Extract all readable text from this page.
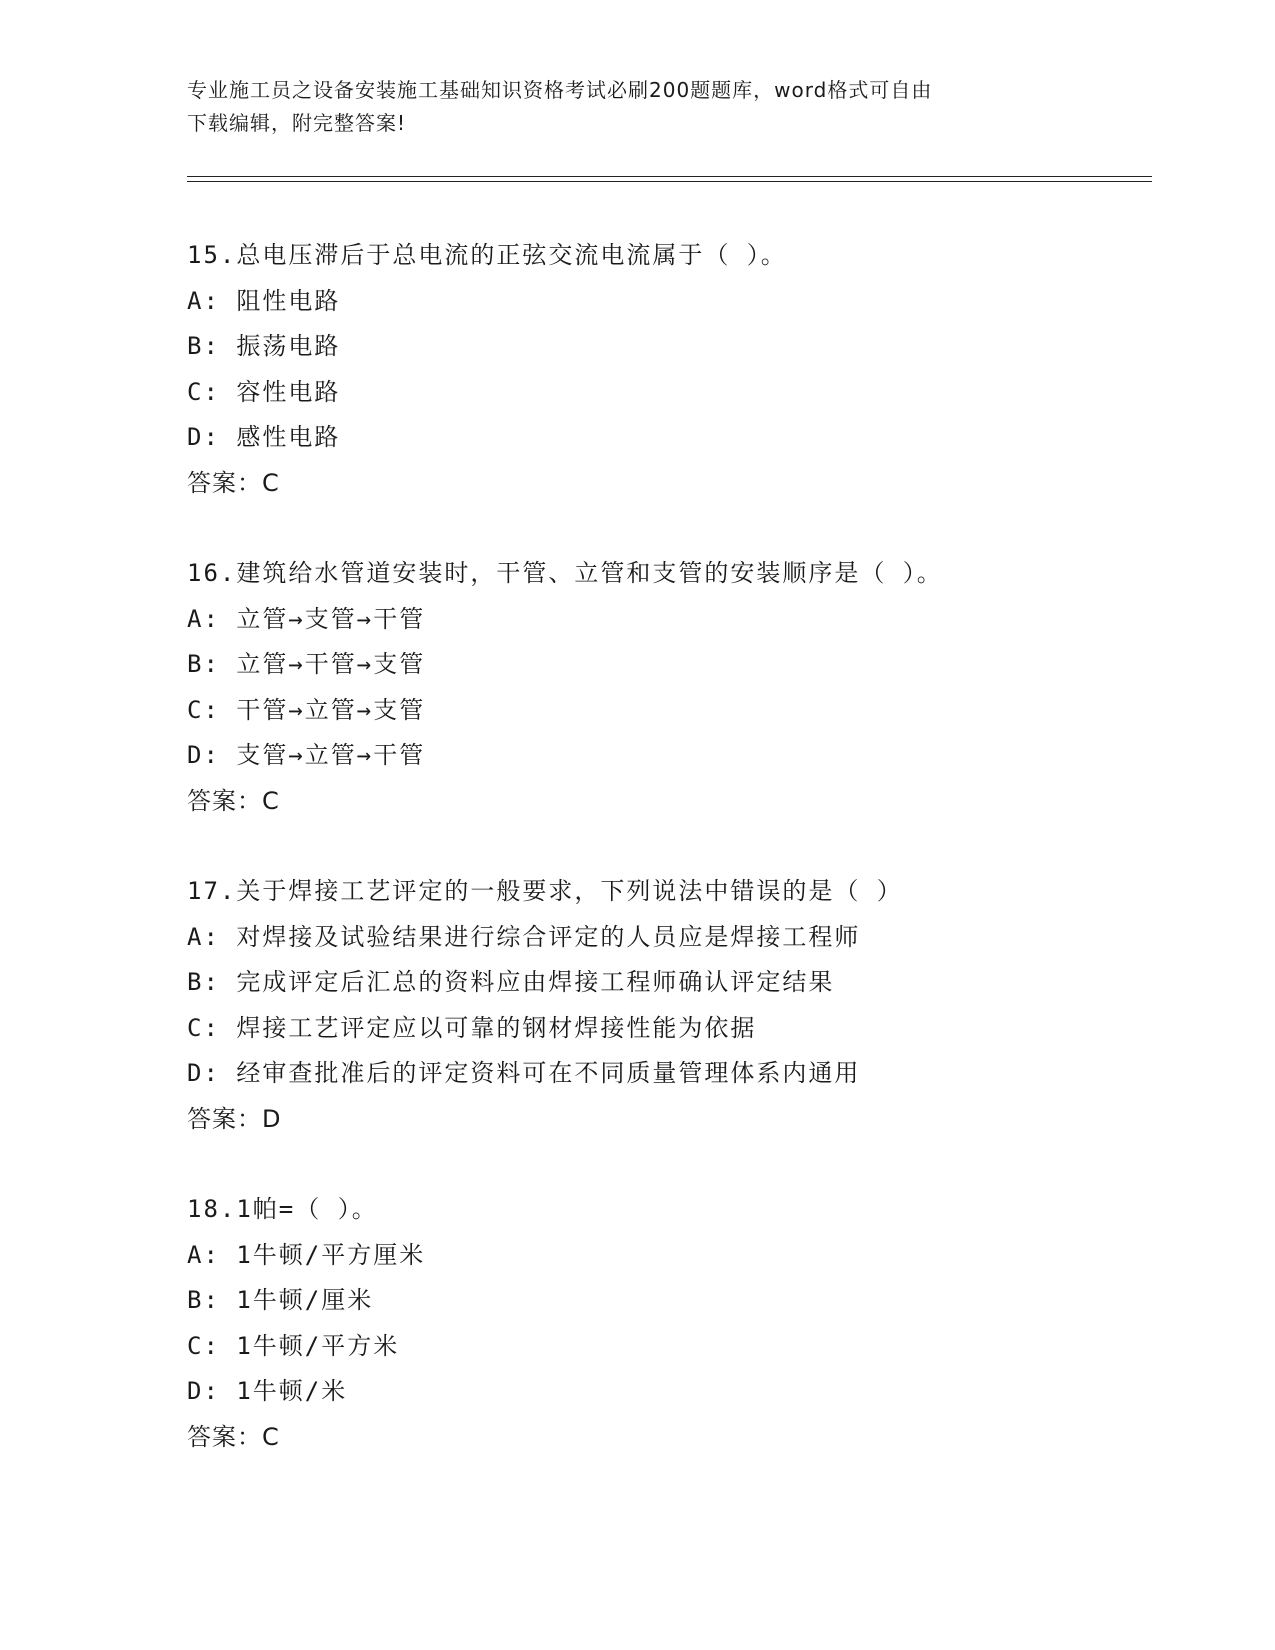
专业施工员之设备安装施工基础知识资格考试必刷200题题库，word格式可自由
下载编辑，附完整答案!
15.总电压滞后于总电流的正弦交流电流属于（ ）。
A: 阻性电路
B: 振荡电路
C: 容性电路
D: 感性电路
答案：C
16.建筑给水管道安装时，干管、立管和支管的安装顺序是（ ）。
A: 立管→支管→干管
B: 立管→干管→支管
C: 干管→立管→支管
D: 支管→立管→干管
答案：C
17.关于焊接工艺评定的一般要求，下列说法中错误的是（ ）
A: 对焊接及试验结果进行综合评定的人员应是焊接工程师
B: 完成评定后汇总的资料应由焊接工程师确认评定结果
C: 焊接工艺评定应以可靠的钢材焊接性能为依据
D: 经审查批准后的评定资料可在不同质量管理体系内通用
答案：D
18.1帕=（ ）。
A: 1牛顿/平方厘米
B: 1牛顿/厘米
C: 1牛顿/平方米
D: 1牛顿/米
答案：C
